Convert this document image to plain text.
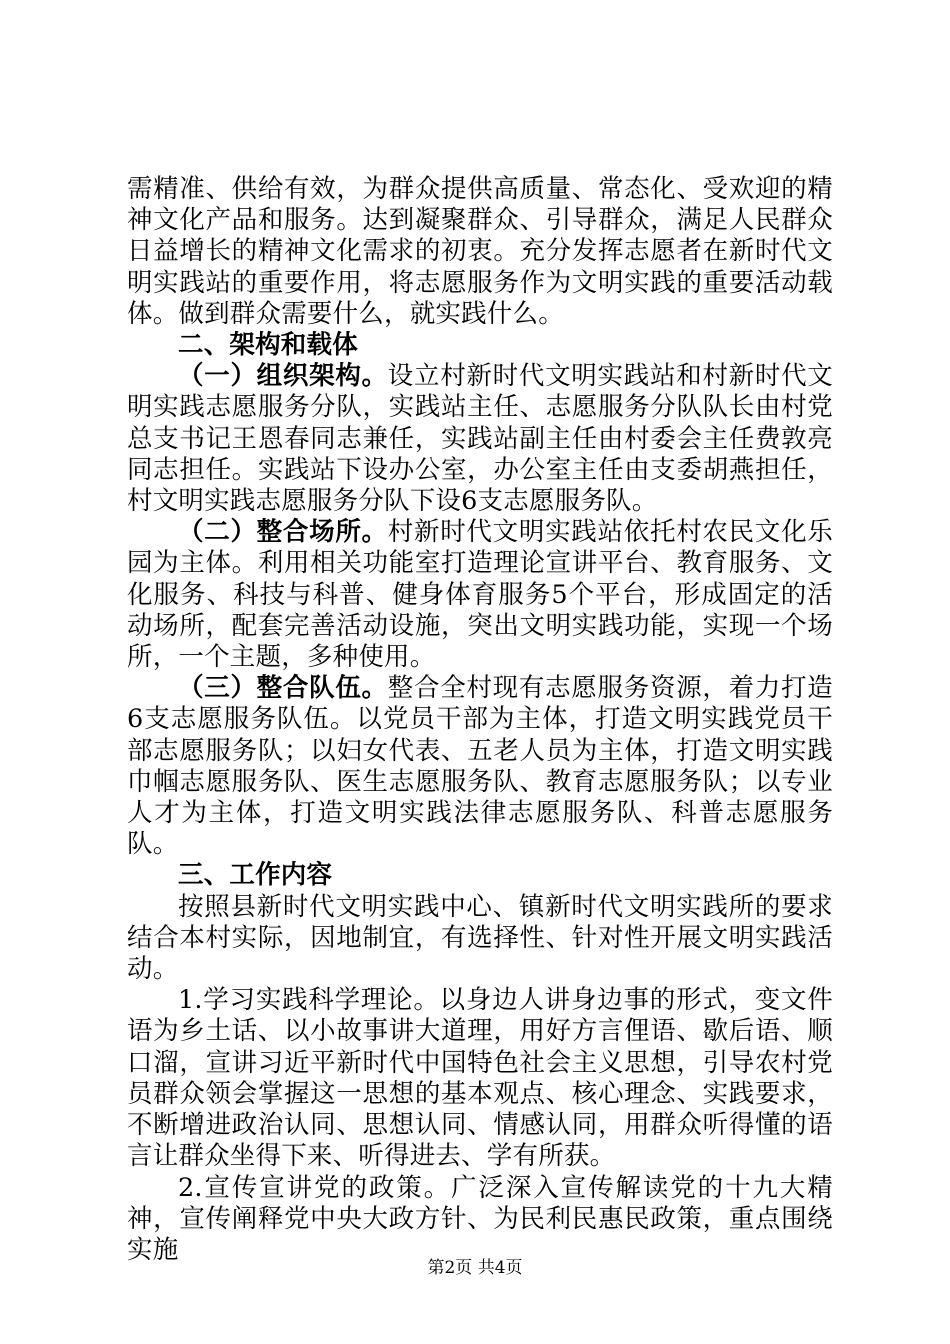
需精准、供给有效，为群众提供高质量、常态化、受欢迎的精神文化产品和服务。达到凝聚群众、引导群众，满足人民群众日益增长的精神文化需求的初衷。充分发挥志愿者在新时代文明实践站的重要作用，将志愿服务作为文明实践的重要活动载体。做到群众需要什么，就实践什么。

二、架构和载体

（一）组织架构。设立村新时代文明实践站和村新时代文明实践志愿服务分队，实践站主任、志愿服务分队队长由村党总支书记王恩春同志兼任，实践站副主任由村委会主任费敦亮同志担任。实践站下设办公室，办公室主任由支委胡燕担任，村文明实践志愿服务分队下设6支志愿服务队。

（二）整合场所。村新时代文明实践站依托村农民文化乐园为主体。利用相关功能室打造理论宣讲平台、教育服务、文化服务、科技与科普、健身体育服务5个平台，形成固定的活动场所，配套完善活动设施，突出文明实践功能，实现一个场所，一个主题，多种使用。

（三）整合队伍。整合全村现有志愿服务资源，着力打造6支志愿服务队伍。以党员干部为主体，打造文明实践党员干部志愿服务队；以妇女代表、五老人员为主体，打造文明实践巾帼志愿服务队、医生志愿服务队、教育志愿服务队；以专业人才为主体，打造文明实践法律志愿服务队、科普志愿服务队。

三、工作内容

按照县新时代文明实践中心、镇新时代文明实践所的要求结合本村实际，因地制宜，有选择性、针对性开展文明实践活动。

1.学习实践科学理论。以身边人讲身边事的形式，变文件语为乡土话、以小故事讲大道理，用好方言俚语、歇后语、顺口溜，宣讲习近平新时代中国特色社会主义思想，引导农村党员群众领会掌握这一思想的基本观点、核心理念、实践要求，不断增进政治认同、思想认同、情感认同，用群众听得懂的语言让群众坐得下来、听得进去、学有所获。

2.宣传宣讲党的政策。广泛深入宣传解读党的十九大精神，宣传阐释党中央大政方针、为民利民惠民政策，重点围绕实施

第2页 共4页
